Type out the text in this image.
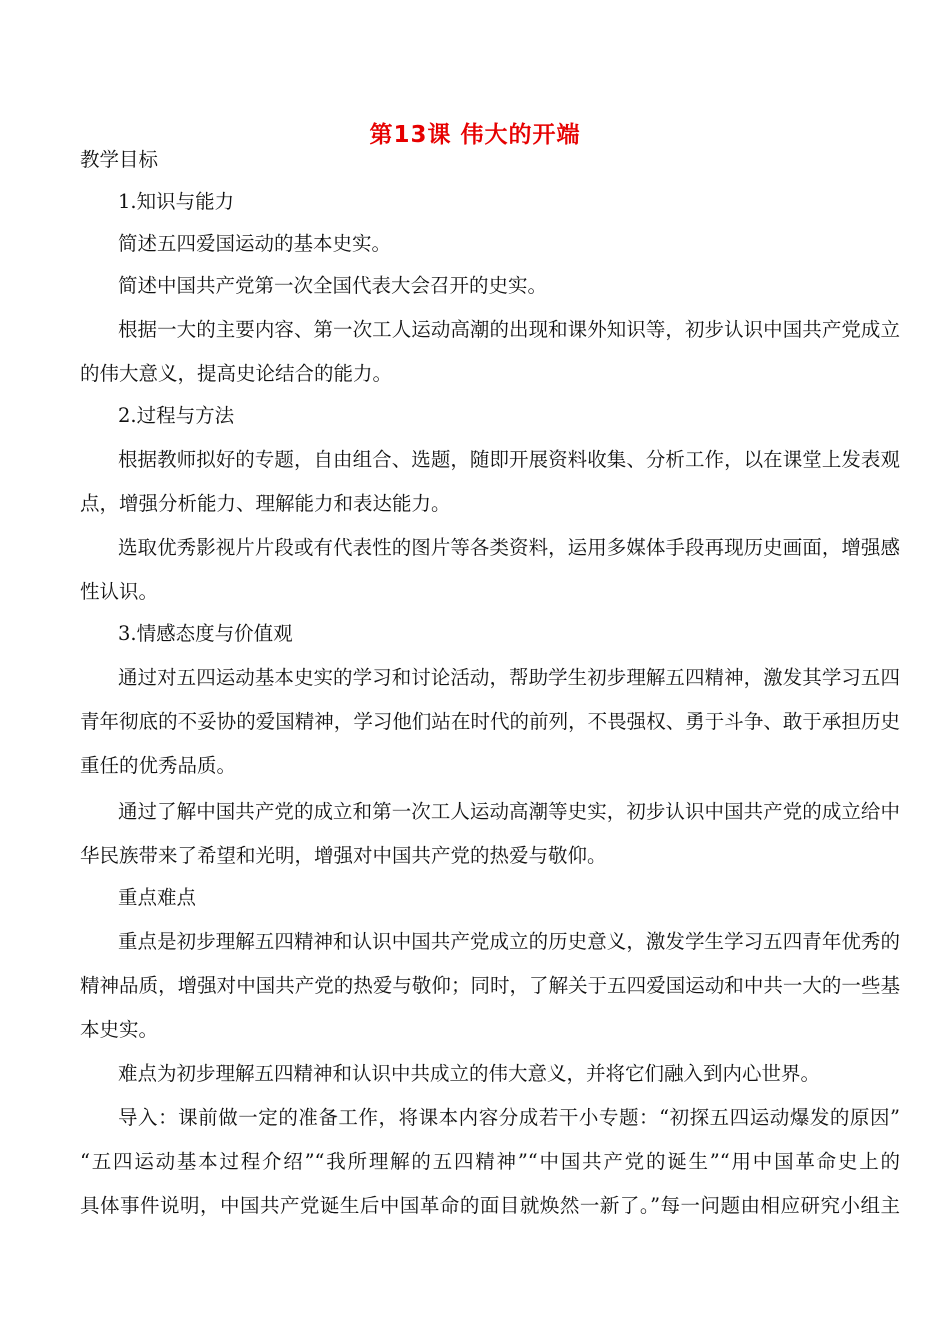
第13课 伟大的开端

教学目标

1.知识与能力

简述五四爱国运动的基本史实。

简述中国共产党第一次全国代表大会召开的史实。

根据一大的主要内容、第一次工人运动高潮的出现和课外知识等，初步认识中国共产党成立

的伟大意义，提高史论结合的能力。

2.过程与方法

根据教师拟好的专题，自由组合、选题，随即开展资料收集、分析工作，以在课堂上发表观

点，增强分析能力、理解能力和表达能力。

选取优秀影视片片段或有代表性的图片等各类资料，运用多媒体手段再现历史画面，增强感

性认识。

3.情感态度与价值观

通过对五四运动基本史实的学习和讨论活动，帮助学生初步理解五四精神，激发其学习五四

青年彻底的不妥协的爱国精神，学习他们站在时代的前列，不畏强权、勇于斗争、敢于承担历史

重任的优秀品质。

通过了解中国共产党的成立和第一次工人运动高潮等史实，初步认识中国共产党的成立给中

华民族带来了希望和光明，增强对中国共产党的热爱与敬仰。

重点难点

重点是初步理解五四精神和认识中国共产党成立的历史意义，激发学生学习五四青年优秀的

精神品质，增强对中国共产党的热爱与敬仰；同时，了解关于五四爱国运动和中共一大的一些基

本史实。

难点为初步理解五四精神和认识中共成立的伟大意义，并将它们融入到内心世界。

导入：课前做一定的准备工作，将课本内容分成若干小专题：“初探五四运动爆发的原因”

“五四运动基本过程介绍”“我所理解的五四精神”“中国共产党的诞生”“用中国革命史上的

具体事件说明，中国共产党诞生后中国革命的面目就焕然一新了。”每一问题由相应研究小组主
